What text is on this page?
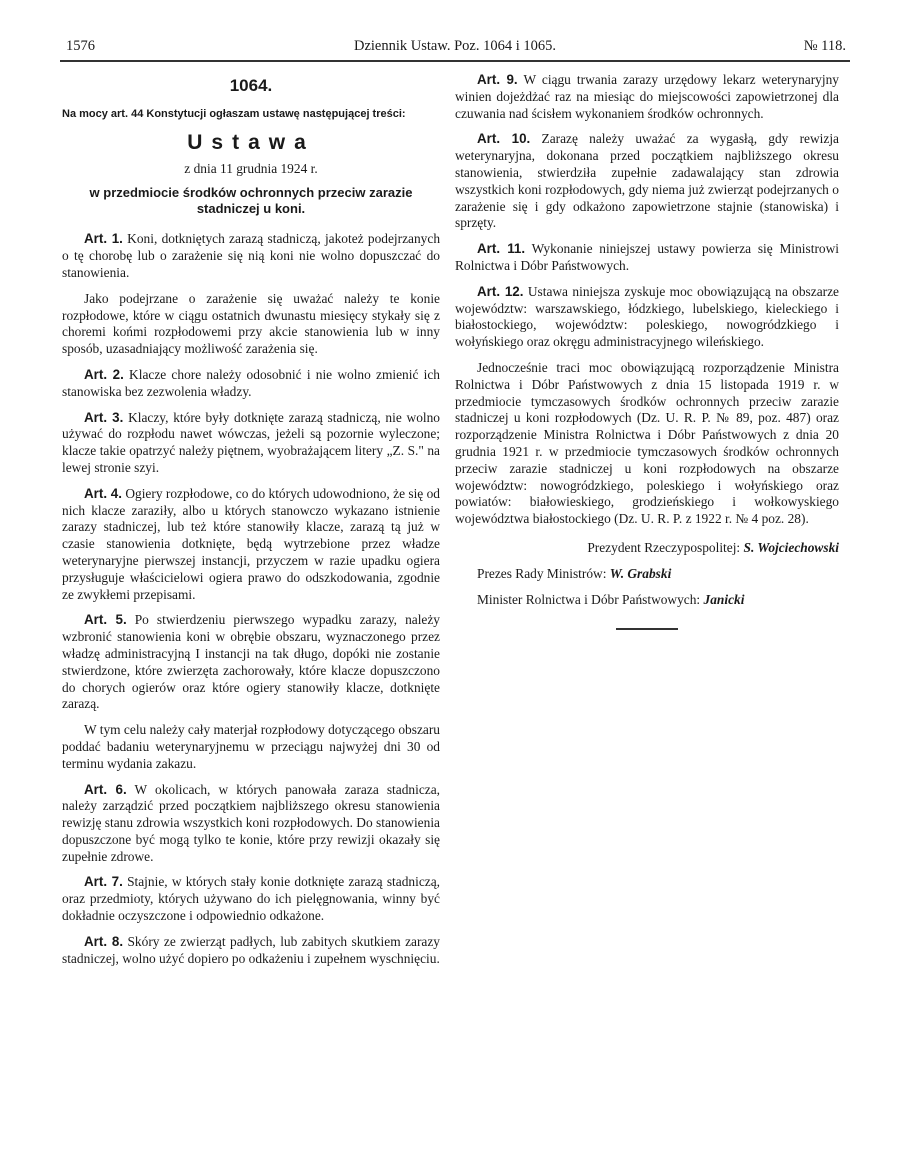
1576	Dziennik Ustaw. Poz. 1064 i 1065.	№ 118.
1064.
Na mocy art. 44 Konstytucji ogłaszam ustawę następującej treści:
Ustawa
z dnia 11 grudnia 1924 r.
w przedmiocie środków ochronnych przeciw zarazie stadniczej u koni.

Art. 1. Koni, dotkniętych zarazą stadniczą, jakoteż podejrzanych o tę chorobę lub o zarażenie się nią koni nie wolno dopuszczać do stanowienia.

Jako podejrzane o zarażenie się uważać należy te konie rozpłodowe, które w ciągu ostatnich dwunastu miesięcy stykały się z choremi końmi rozpłodowemi przy akcie stanowienia lub w inny sposób, uzasadniający możliwość zarażenia się.

Art. 2. Klacze chore należy odosobnić i nie wolno zmienić ich stanowiska bez zezwolenia władzy.

Art. 3. Klaczy, które były dotknięte zarazą stadniczą, nie wolno używać do rozpłodu nawet wówczas, jeżeli są pozornie wyleczone; klacze takie opatrzyć należy piętnem, wyobrażającem litery „Z. S." na lewej stronie szyi.

Art. 4. Ogiery rozpłodowe, co do których udowodniono, że się od nich klacze zaraziły, albo u których stanowczo wykazano istnienie zarazy stadniczej, lub też które stanowiły klacze, zarazą tą już w czasie stanowienia dotknięte, będą wytrzebione przez władze weterynaryjne pierwszej instancji, przyczem w razie upadku ogiera przysługuje właścicielowi ogiera prawo do odszkodowania, zgodnie ze zwykłemi przepisami.

Art. 5. Po stwierdzeniu pierwszego wypadku zarazy, należy wzbronić stanowienia koni w obrębie obszaru, wyznaczonego przez władzę administracyjną I instancji na tak długo, dopóki nie zostanie stwierdzone, które zwierzęta zachorowały, które klacze dopuszczono do chorych ogierów oraz które ogiery stanowiły klacze, dotknięte zarazą.

W tym celu należy cały materjał rozpłodowy dotyczącego obszaru poddać badaniu weterynaryjnemu w przeciągu najwyżej dni 30 od terminu wydania zakazu.

Art. 6. W okolicach, w których panowała zaraza stadnicza, należy zarządzić przed początkiem najbliższego okresu stanowienia rewizję stanu zdrowia wszystkich koni rozpłodowych. Do stanowienia dopuszczone być mogą tylko te konie, które przy rewizji okazały się zupełnie zdrowe.

Art. 7. Stajnie, w których stały konie dotknięte zarazą stadniczą, oraz przedmioty, których używano do ich pielęgnowania, winny być dokładnie oczyszczone i odpowiednio odkażone.

Art. 8. Skóry ze zwierząt padłych, lub zabitych skutkiem zarazy stadniczej, wolno użyć dopiero po odkażeniu i zupełnem wyschnięciu.

Art. 9. W ciągu trwania zarazy urzędowy lekarz weterynaryjny winien dojeżdżać raz na miesiąc do miejscowości zapowietrzonej dla czuwania nad ścisłem wykonaniem środków ochronnych.

Art. 10. Zarazę należy uważać za wygasłą, gdy rewizja weterynaryjna, dokonana przed początkiem najbliższego okresu stanowienia, stwierdziła zupełnie zadawalający stan zdrowia wszystkich koni rozpłodowych, gdy niema już zwierząt podejrzanych o zarażenie się i gdy odkażono zapowietrzone stajnie (stanowiska) i sprzęty.

Art. 11. Wykonanie niniejszej ustawy powierza się Ministrowi Rolnictwa i Dóbr Państwowych.

Art. 12. Ustawa niniejsza zyskuje moc obowiązującą na obszarze województw: warszawskiego, łódzkiego, lubelskiego, kieleckiego i białostockiego, województw: poleskiego, nowogródzkiego i wołyńskiego oraz okręgu administracyjnego wileńskiego.

Jednocześnie traci moc obowiązującą rozporządzenie Ministra Rolnictwa i Dóbr Państwowych z dnia 15 listopada 1919 r. w przedmiocie tymczasowych środków ochronnych przeciw zarazie stadniczej u koni rozpłodowych (Dz. U. R. P. № 89, poz. 487) oraz rozporządzenie Ministra Rolnictwa i Dóbr Państwowych z dnia 20 grudnia 1921 r. w przedmiocie tymczasowych środków ochronnych przeciw zarazie stadniczej u koni rozpłodowych na obszarze województw: nowogródzkiego, poleskiego i wołyńskiego oraz powiatów: białowieskiego, grodzieńskiego i wołkowyskiego województwa białostockiego (Dz. U. R. P. z 1922 r. № 4 poz. 28).

Prezydent Rzeczypospolitej: S. Wojciechowski

Prezes Rady Ministrów: W. Grabski

Minister Rolnictwa i Dóbr Państwowych: Janicki
